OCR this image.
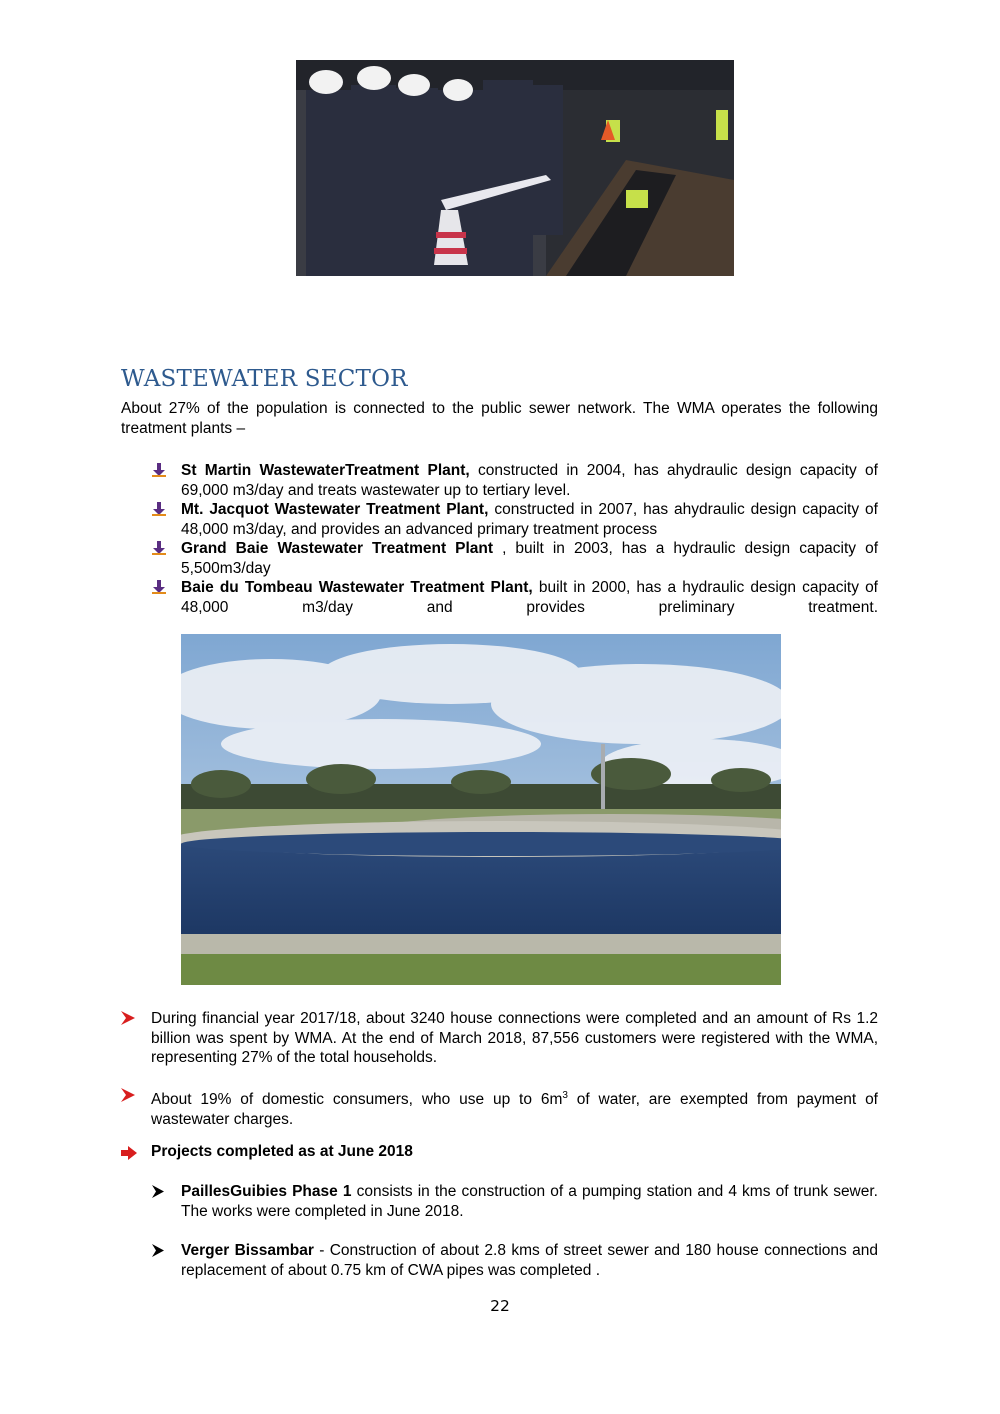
WASTEWATER SECTOR

About 27% of the population is connected to the public sewer network. The WMA operates the following treatment plants –

St Martin WastewaterTreatment Plant, constructed in 2004, has ahydraulic design capacity of 69,000 m3/day and treats wastewater up to tertiary level.
Mt. Jacquot Wastewater Treatment Plant, constructed in 2007, has ahydraulic design capacity of 48,000 m3/day, and provides an advanced primary treatment process
Grand Baie Wastewater Treatment Plant , built in 2003, has a hydraulic design capacity of 5,500m3/day
Baie du Tombeau Wastewater Treatment Plant, built in 2000, has a hydraulic design capacity of 48,000 m3/day and provides preliminary treatment.
During financial year 2017/18, about 3240 house connections were completed and an amount of Rs 1.2 billion was spent by WMA. At the end of March 2018, 87,556 customers were registered with the WMA, representing 27% of the total households.
About 19% of domestic consumers, who use up to $6m^3$ of water, are exempted from payment of wastewater charges.
Projects completed as at June 2018
PaillesGuibies Phase 1 consists in the construction of a pumping station and 4 kms of trunk sewer. The works were completed in June 2018.
Verger Bissambar - Construction of about 2.8 kms of street sewer and 180 house connections and replacement of about 0.75 km of CWA pipes was completed .
22
